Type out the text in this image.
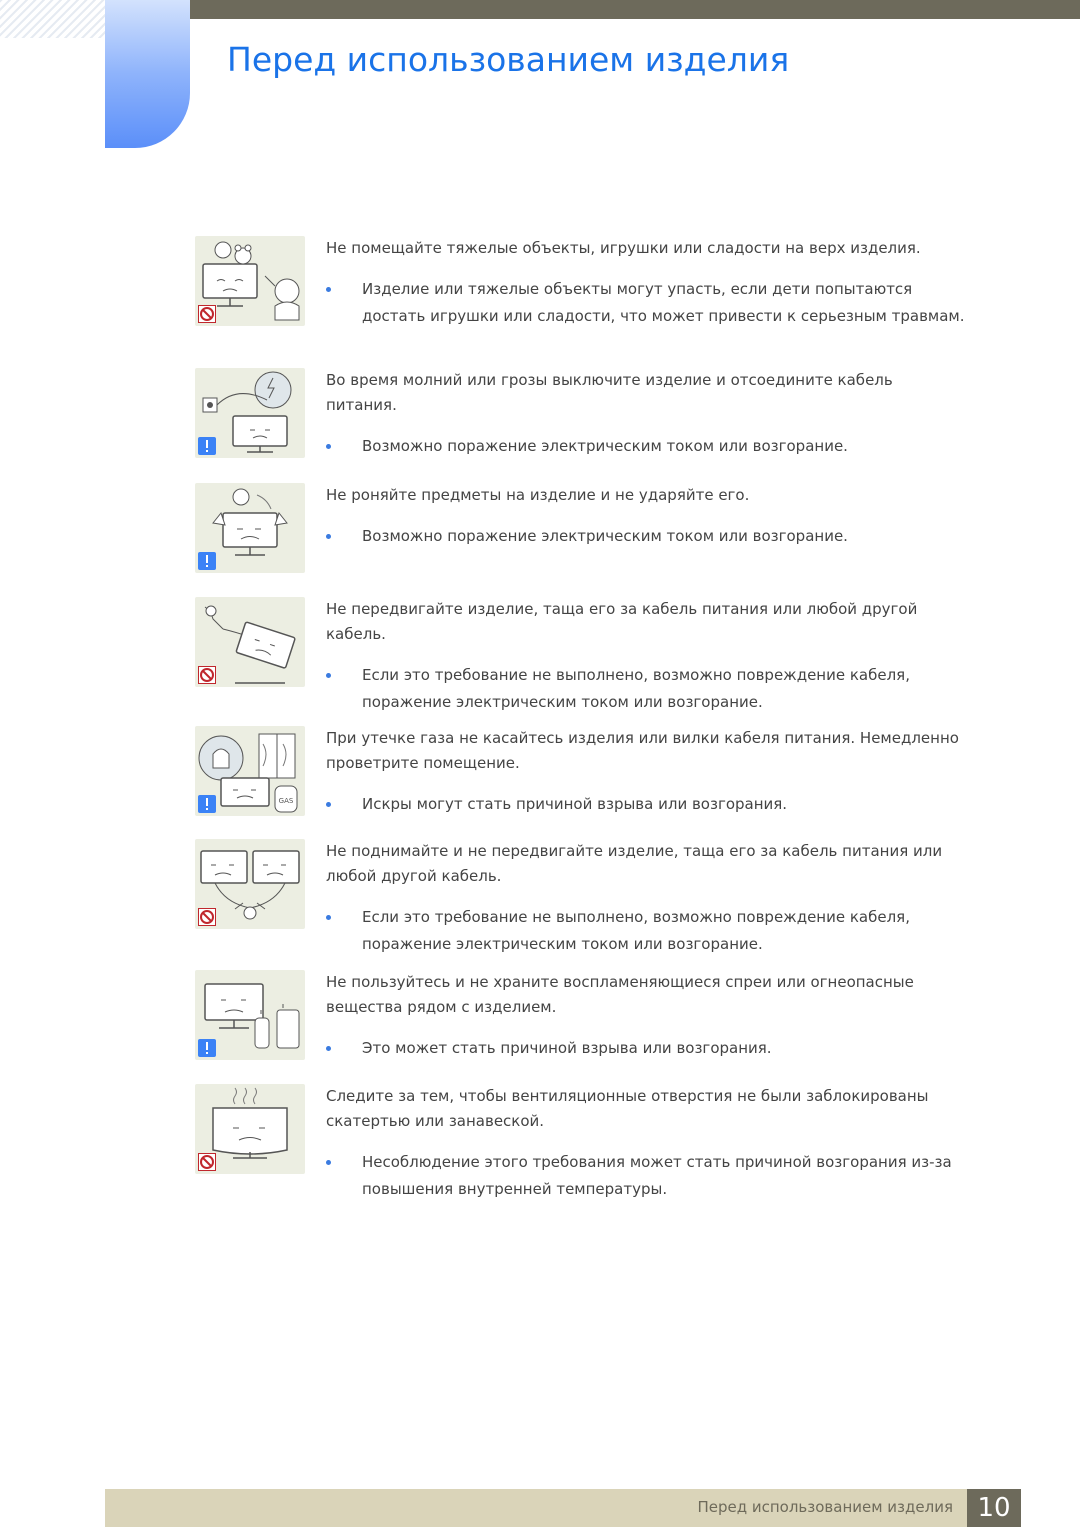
Перед использованием изделия

Не помещайте тяжелые объекты, игрушки или сладости на верх изделия.

Изделие или тяжелые объекты могут упасть, если дети попытаются достать игрушки или сладости, что может привести к серьезным травмам.

Во время молний или грозы выключите изделие и отсоедините кабель питания.

Возможно поражение электрическим током или возгорание.

Не роняйте предметы на изделие и не ударяйте его.

Возможно поражение электрическим током или возгорание.

Не передвигайте изделие, таща его за кабель питания или любой другой кабель.

Если это требование не выполнено, возможно повреждение кабеля, поражение электрическим током или возгорание.

GAS

При утечке газа не касайтесь изделия или вилки кабеля питания. Немедленно проветрите помещение.

Искры могут стать причиной взрыва или возгорания.

Не поднимайте и не передвигайте изделие, таща его за кабель питания или любой другой кабель.

Если это требование не выполнено, возможно повреждение кабеля, поражение электрическим током или возгорание.

Не пользуйтесь и не храните воспламеняющиеся спреи или огнеопасные вещества рядом с изделием.

Это может стать причиной взрыва или возгорания.

Следите за тем, чтобы вентиляционные отверстия не были заблокированы скатертью или занавеской.

Несоблюдение этого требования может стать причиной возгорания из-за повышения внутренней температуры.

Перед использованием изделия 10
